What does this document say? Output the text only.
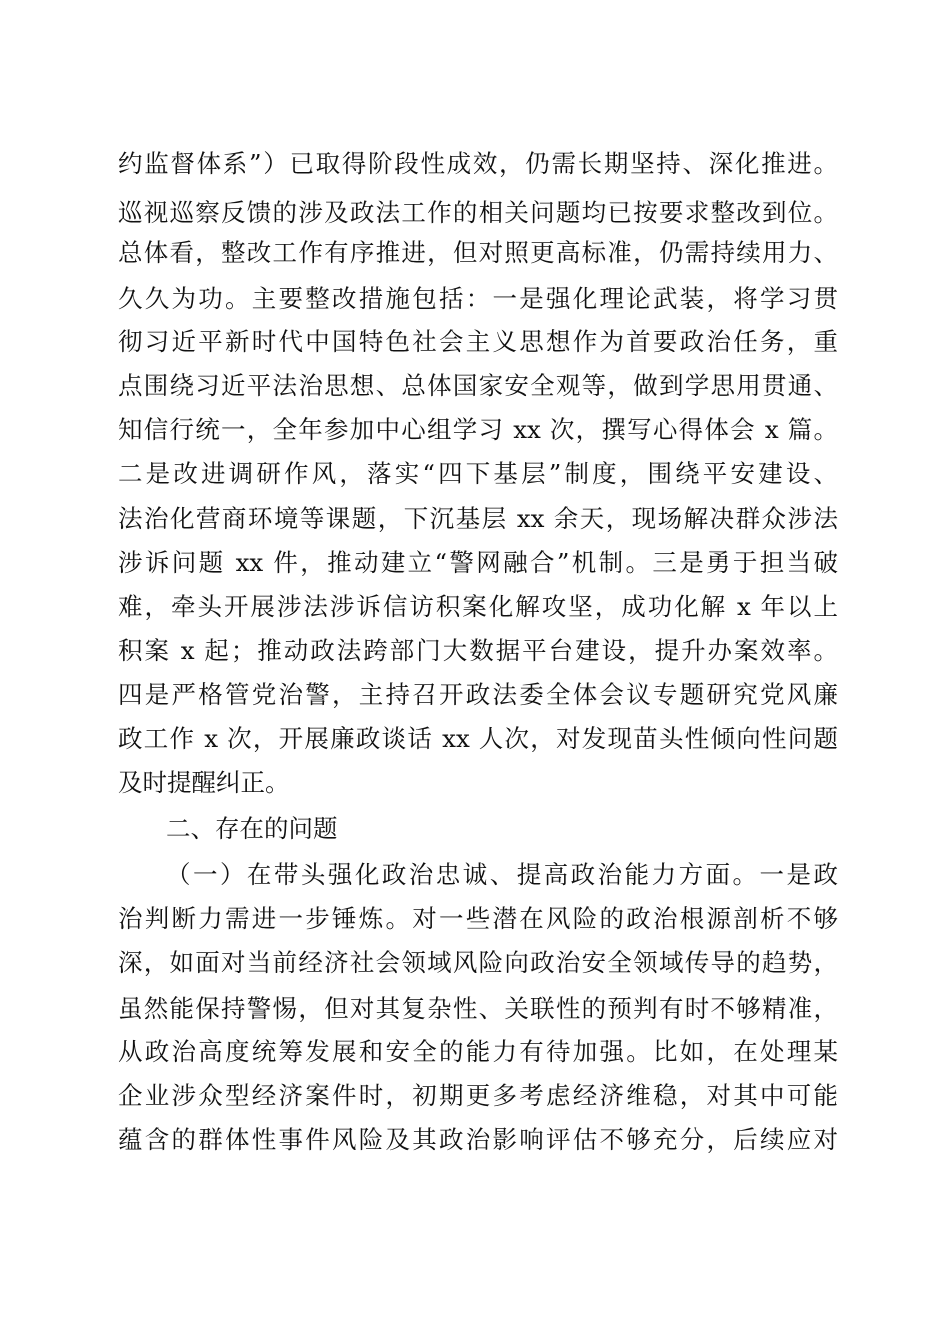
约监督体系”）已取得阶段性成效，仍需长期坚持、深化推进。
巡视巡察反馈的涉及政法工作的相关问题均已按要求整改到位。
总体看，整改工作有序推进，但对照更高标准，仍需持续用力、
久久为功。主要整改措施包括：一是强化理论武装，将学习贯
彻习近平新时代中国特色社会主义思想作为首要政治任务，重
点围绕习近平法治思想、总体国家安全观等，做到学思用贯通、
知信行统一，全年参加中心组学习 xx 次，撰写心得体会 x 篇。
二是改进调研作风，落实“四下基层”制度，围绕平安建设、
法治化营商环境等课题，下沉基层 xx 余天，现场解决群众涉法
涉诉问题 xx 件，推动建立“警网融合”机制。三是勇于担当破
难，牵头开展涉法涉诉信访积案化解攻坚，成功化解 x 年以上
积案 x 起；推动政法跨部门大数据平台建设，提升办案效率。
四是严格管党治警，主持召开政法委全体会议专题研究党风廉
政工作 x 次，开展廉政谈话 xx 人次，对发现苗头性倾向性问题
及时提醒纠正。
二、存在的问题
（一）在带头强化政治忠诚、提高政治能力方面。一是政
治判断力需进一步锤炼。对一些潜在风险的政治根源剖析不够
深，如面对当前经济社会领域风险向政治安全领域传导的趋势，
虽然能保持警惕，但对其复杂性、关联性的预判有时不够精准，
从政治高度统筹发展和安全的能力有待加强。比如，在处理某
企业涉众型经济案件时，初期更多考虑经济维稳，对其中可能
蕴含的群体性事件风险及其政治影响评估不够充分，后续应对
